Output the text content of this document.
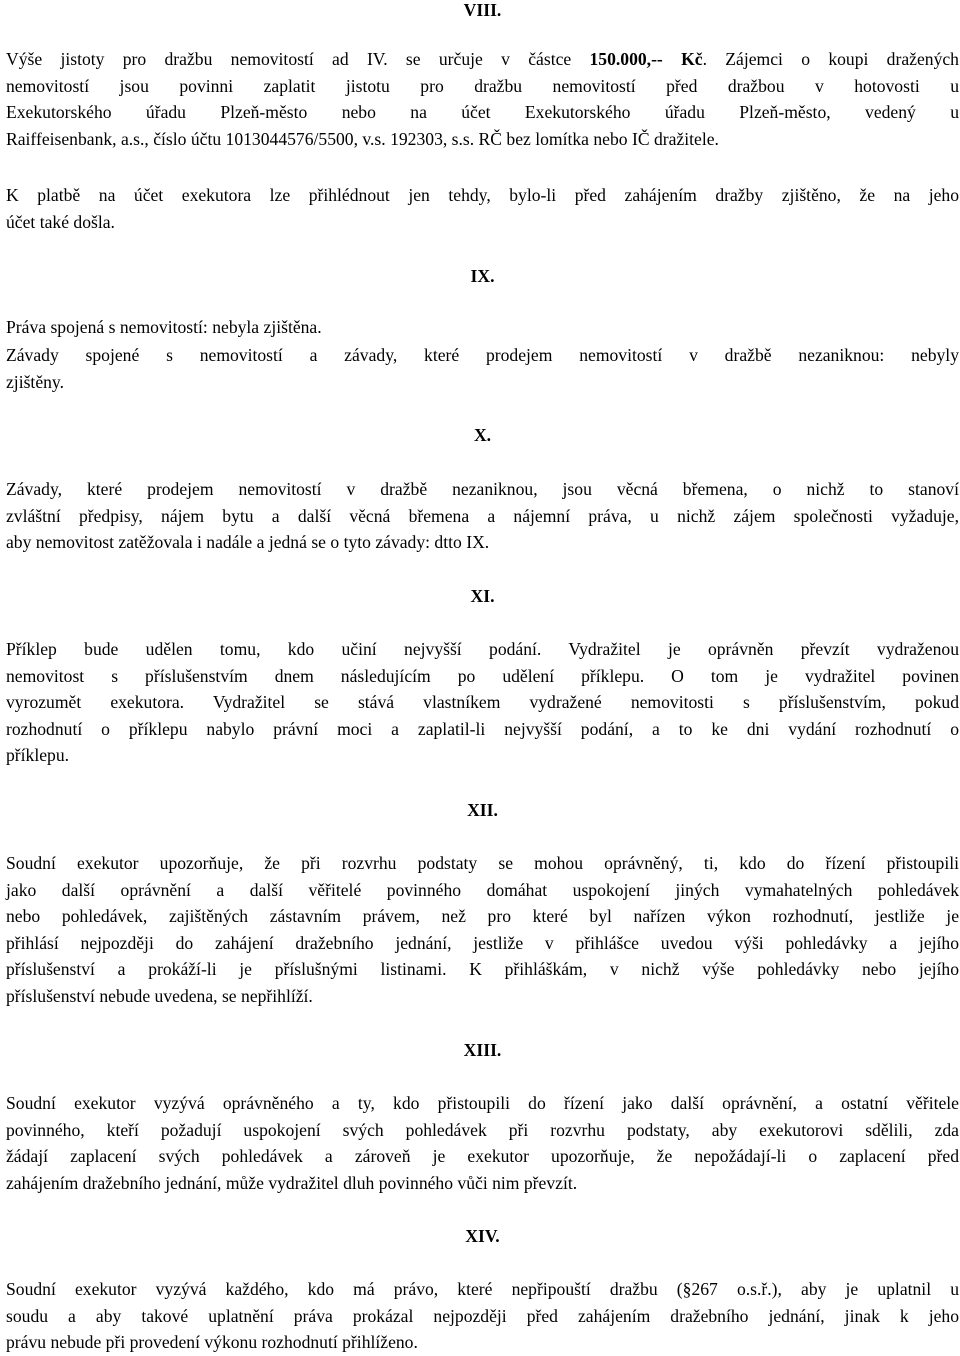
VIII.
Výše jistoty pro dražbu nemovitostí ad IV. se určuje v částce 150.000,-- Kč. Zájemci o koupi dražených
nemovitostí jsou povinni zaplatit jistotu pro dražbu nemovitostí před dražbou v hotovosti u
Exekutorského úřadu Plzeň-město nebo na účet Exekutorského úřadu Plzeň-město, vedený u
Raiffeisenbank, a.s., číslo účtu 1013044576/5500, v.s. 192303, s.s. RČ bez lomítka nebo IČ dražitele.
K platbě na účet exekutora lze přihlédnout jen tehdy, bylo-li před zahájením dražby zjištěno, že na jeho
účet také došla.
IX.
Práva spojená s nemovitostí: nebyla zjištěna.
Závady spojené s nemovitostí a závady, které prodejem nemovitostí v dražbě nezaniknou: nebyly
zjištěny.
X.
Závady, které prodejem nemovitostí v dražbě nezaniknou, jsou věcná břemena, o nichž to stanoví
zvláštní předpisy, nájem bytu a další věcná břemena a nájemní práva, u nichž zájem společnosti vyžaduje,
aby nemovitost zatěžovala i nadále a jedná se o tyto závady: dtto IX.
XI.
Příklep bude udělen tomu, kdo učiní nejvyšší podání. Vydražitel je oprávněn převzít vydraženou
nemovitost s příslušenstvím dnem následujícím po udělení příklepu. O tom je vydražitel povinen
vyrozumět exekutora. Vydražitel se stává vlastníkem vydražené nemovitosti s příslušenstvím, pokud
rozhodnutí o příklepu nabylo právní moci a zaplatil-li nejvyšší podání, a to ke dni vydání rozhodnutí o
příklepu.
XII.
Soudní exekutor upozorňuje, že při rozvrhu podstaty se mohou oprávněný, ti, kdo do řízení přistoupili
jako další oprávnění a další věřitelé povinného domáhat uspokojení jiných vymahatelných pohledávek
nebo pohledávek, zajištěných zástavním právem, než pro které byl nařízen výkon rozhodnutí, jestliže je
přihlásí nejpozději do zahájení dražebního jednání, jestliže v přihlášce uvedou výši pohledávky a jejího
příslušenství a prokáží-li je příslušnými listinami. K přihláškám, v nichž výše pohledávky nebo jejího
příslušenství nebude uvedena, se nepřihlíží.
XIII.
Soudní exekutor vyzývá oprávněného a ty, kdo přistoupili do řízení jako další oprávnění, a ostatní věřitele
povinného, kteří požadují uspokojení svých pohledávek při rozvrhu podstaty, aby exekutorovi sdělili, zda
žádají zaplacení svých pohledávek a zároveň je exekutor upozorňuje, že nepožádají-li o zaplacení před
zahájením dražebního jednání, může vydražitel dluh povinného vůči nim převzít.
XIV.
Soudní exekutor vyzývá každého, kdo má právo, které nepřipouští dražbu (§267 o.s.ř.), aby je uplatnil u
soudu a aby takové uplatnění práva prokázal nejpozději před zahájením dražebního jednání, jinak k jeho
právu nebude při provedení výkonu rozhodnutí přihlíženo.
